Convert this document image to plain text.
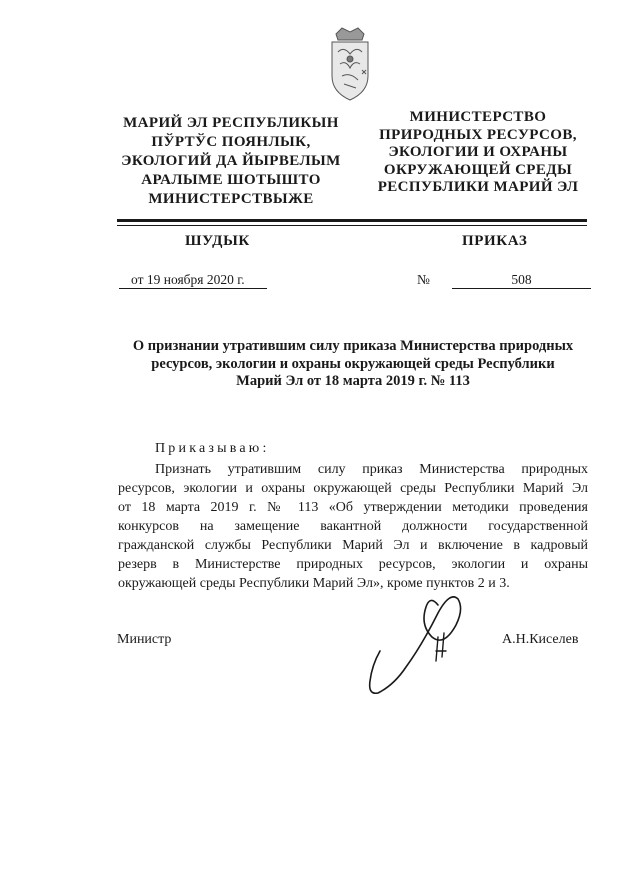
МАРИЙ ЭЛ РЕСПУБЛИКЫН
ПЎРТЎС ПОЯНЛЫК,
ЭКОЛОГИЙ ДА ЙЫРВЕЛЫМ
АРАЛЫМЕ ШОТЫШТО
МИНИСТЕРСТВЫЖЕ
МИНИСТЕРСТВО
ПРИРОДНЫХ РЕСУРСОВ,
ЭКОЛОГИИ И ОХРАНЫ
ОКРУЖАЮЩЕЙ СРЕДЫ
РЕСПУБЛИКИ МАРИЙ ЭЛ
ШУДЫК	ПРИКАЗ
от 19 ноября 2020 г.	№	508
О признании утратившим силу приказа Министерства природных
ресурсов, экологии и охраны окружающей среды Республики
Марий Эл от 18 марта 2019 г. № 113
Приказываю:
Признать утратившим силу приказ Министерства природных
ресурсов, экологии и охраны окружающей среды Республики Марий Эл
от 18 марта 2019 г. № 113 «Об утверждении методики проведения
конкурсов на замещение вакантной должности государственной
гражданской службы Республики Марий Эл и включение в кадровый
резерв в Министерстве природных ресурсов, экологии и охраны
окружающей среды Республики Марий Эл», кроме пунктов 2 и 3.
Министр	А.Н.Киселев
